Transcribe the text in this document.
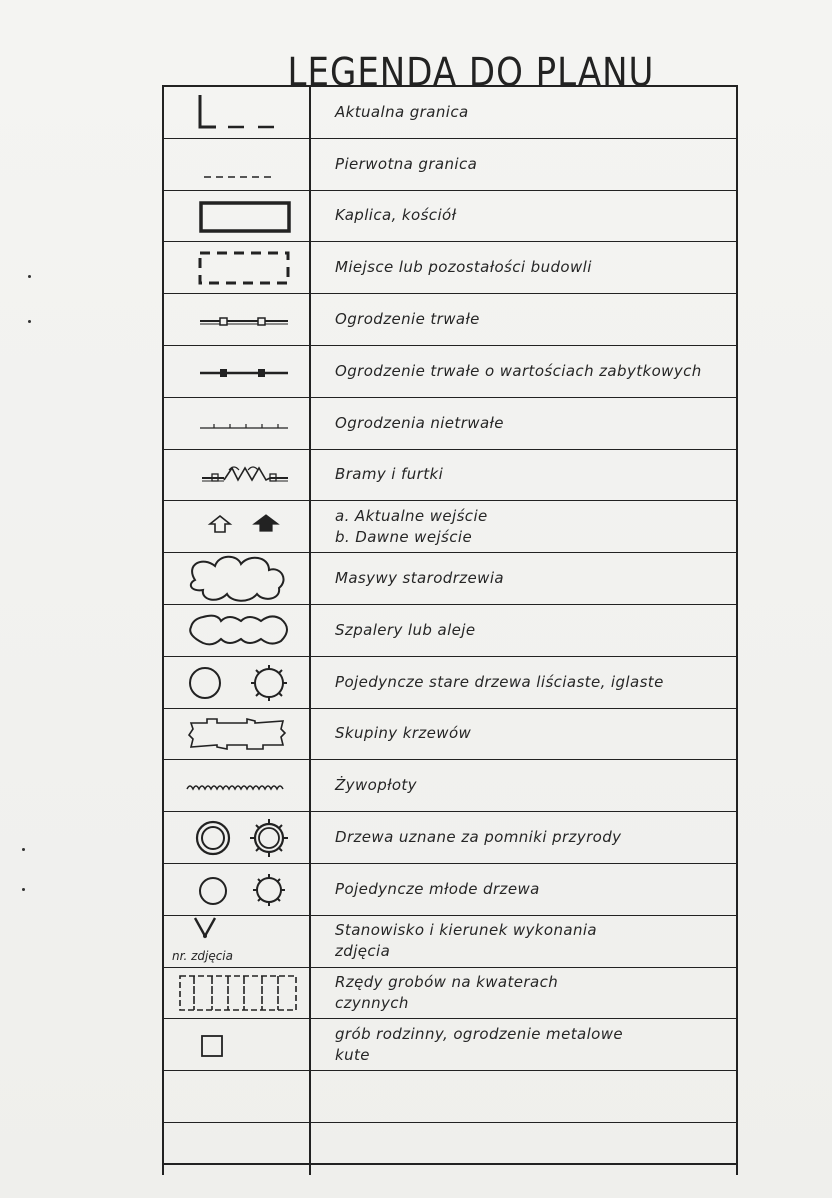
LEGENDA DO PLANU
Aktualna granica
Pierwotna granica
Kaplica, kościół
Miejsce lub pozostałości budowli
Ogrodzenie trwałe
Ogrodzenie trwałe o wartościach zabytkowych
Ogrodzenia nietrwałe
Bramy i furtki
a. Aktualne wejście
b. Dawne wejście
Masywy starodrzewia
Szpalery lub aleje
Pojedyncze stare drzewa liściaste, iglaste
Skupiny krzewów
Żywopłoty
Drzewa uznane za pomniki przyrody
Pojedyncze młode drzewa
nr. zdjęcia
Stanowisko i kierunek wykonania
zdjęcia
Rzędy grobów na kwaterach
czynnych
grób rodzinny, ogrodzenie metalowe
kute
